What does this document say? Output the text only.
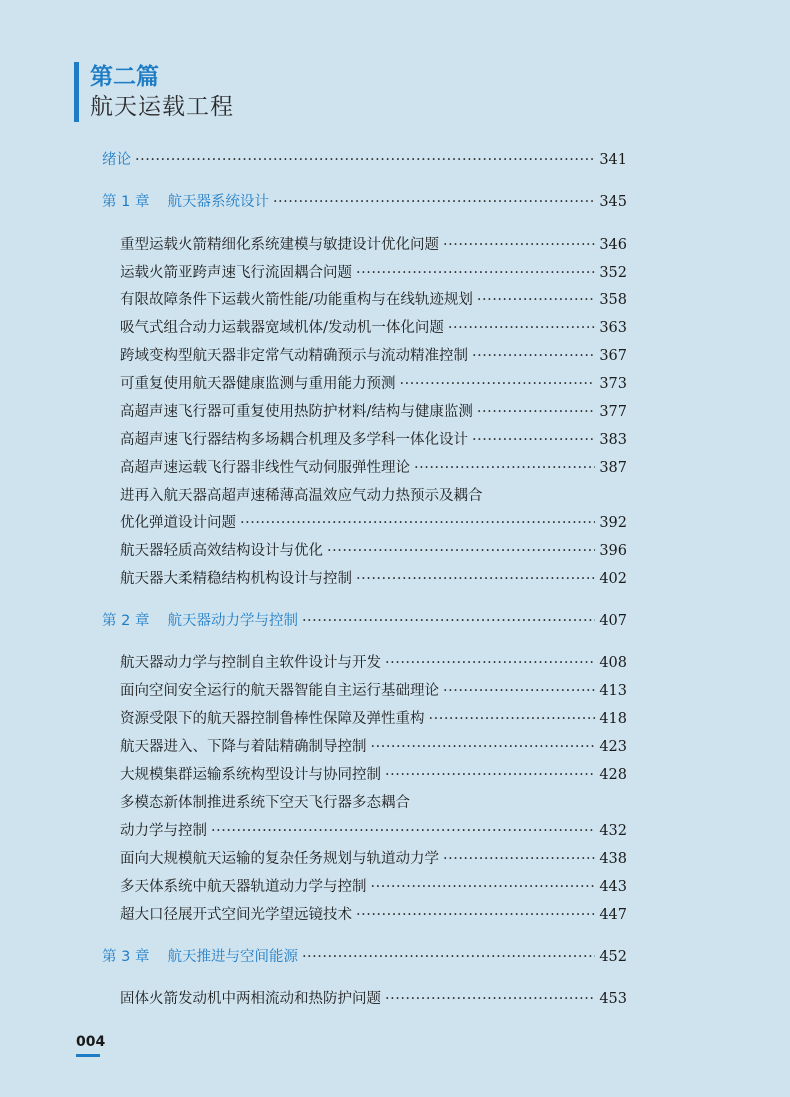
第二篇
航天运载工程
绪论 ·····	341
第 1 章 航天器系统设计 ·····	345
重型运载火箭精细化系统建模与敏捷设计优化问题 ·····	346
运载火箭亚跨声速飞行流固耦合问题 ·····	352
有限故障条件下运载火箭性能/功能重构与在线轨迹规划 ·····	358
吸气式组合动力运载器宽域机体/发动机一体化问题 ·····	363
跨域变构型航天器非定常气动精确预示与流动精准控制 ·····	367
可重复使用航天器健康监测与重用能力预测 ·····	373
高超声速飞行器可重复使用热防护材料/结构与健康监测 ·····	377
高超声速飞行器结构多场耦合机理及多学科一体化设计 ·····	383
高超声速运载飞行器非线性气动伺服弹性理论 ·····	387
进再入航天器高超声速稀薄高温效应气动力热预示及耦合
优化弹道设计问题 ·····	392
航天器轻质高效结构设计与优化 ·····	396
航天器大柔精稳结构机构设计与控制 ·····	402
第 2 章 航天器动力学与控制 ·····	407
航天器动力学与控制自主软件设计与开发 ·····	408
面向空间安全运行的航天器智能自主运行基础理论 ·····	413
资源受限下的航天器控制鲁棒性保障及弹性重构 ·····	418
航天器进入、下降与着陆精确制导控制 ·····	423
大规模集群运输系统构型设计与协同控制 ·····	428
多模态新体制推进系统下空天飞行器多态耦合
动力学与控制 ·····	432
面向大规模航天运输的复杂任务规划与轨道动力学 ·····	438
多天体系统中航天器轨道动力学与控制 ·····	443
超大口径展开式空间光学望远镜技术 ·····	447
第 3 章 航天推进与空间能源 ·····	452
固体火箭发动机中两相流动和热防护问题 ·····	453
004
